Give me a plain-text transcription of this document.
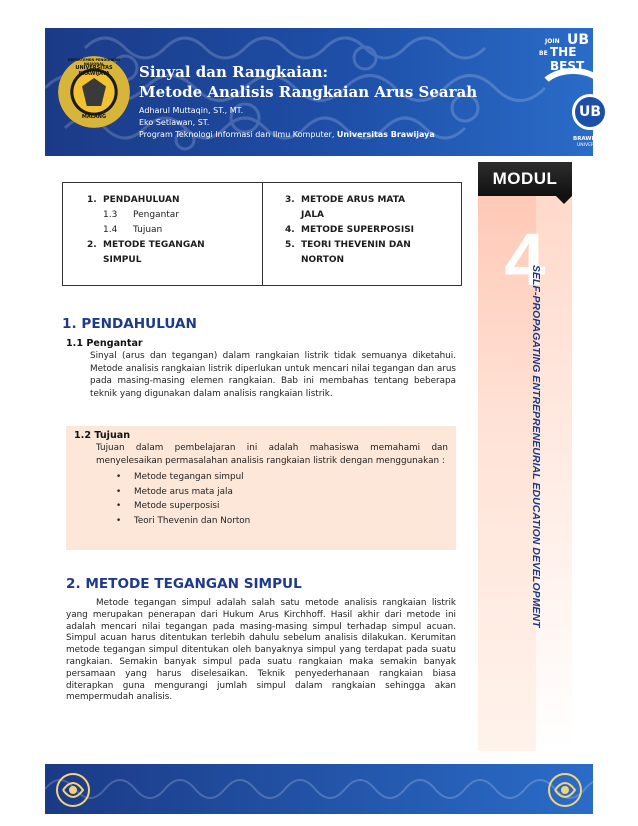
DEPARTEMEN PENDIDIKAN NASIONAL
UNIVERSITAS BRAWIJAYA
MALANG
Sinyal dan Rangkaian:
Metode Analisis Rangkaian Arus Searah
Adharul Muttaqin, ST., MT.
Eko Setiawan, ST.
Program Teknologi Informasi dan Ilmu Komputer, Universitas Brawijaya
JOIN UB
BE THE BEST
UB
BRAWIJAYA
UNIVERSITY
MODUL
4
SELF-PROPAGATING ENTREPRENEURIAL EDUCATION DEVELOPMENT
1. PENDAHULUAN
1.3	Pengantar
1.4	Tujuan
2. METODE TEGANGAN
SIMPUL
3. METODE ARUS MATA
JALA
4. METODE SUPERPOSISI
5. TEORI THEVENIN DAN
NORTON
1. PENDAHULUAN
1.1 Pengantar
Sinyal (arus dan tegangan) dalam rangkaian listrik tidak semuanya diketahui. Metode analisis rangkaian listrik diperlukan untuk mencari nilai tegangan dan arus pada masing-masing elemen rangkaian. Bab ini membahas tentang beberapa teknik yang digunakan dalam analisis rangkaian listrik.
1.2 Tujuan
Tujuan dalam pembelajaran ini adalah mahasiswa memahami dan menyelesaikan permasalahan analisis rangkaian listrik dengan menggunakan :
•	Metode tegangan simpul
•	Metode arus mata jala
•	Metode superposisi
•	Teori Thevenin dan Norton
2. METODE TEGANGAN SIMPUL
Metode tegangan simpul adalah salah satu metode analisis rangkaian listrik yang merupakan penerapan dari Hukum Arus Kirchhoff. Hasil akhir dari metode ini adalah mencari nilai tegangan pada masing-masing simpul terhadap simpul acuan. Simpul acuan harus ditentukan terlebih dahulu sebelum analisis dilakukan. Kerumitan metode tegangan simpul ditentukan oleh banyaknya simpul yang terdapat pada suatu rangkaian. Semakin banyak simpul pada suatu rangkaian maka semakin banyak persamaan yang harus diselesaikan. Teknik penyederhanaan rangkaian biasa diterapkan guna mengurangi jumlah simpul dalam rangkaian sehingga akan mempermudah analisis.
